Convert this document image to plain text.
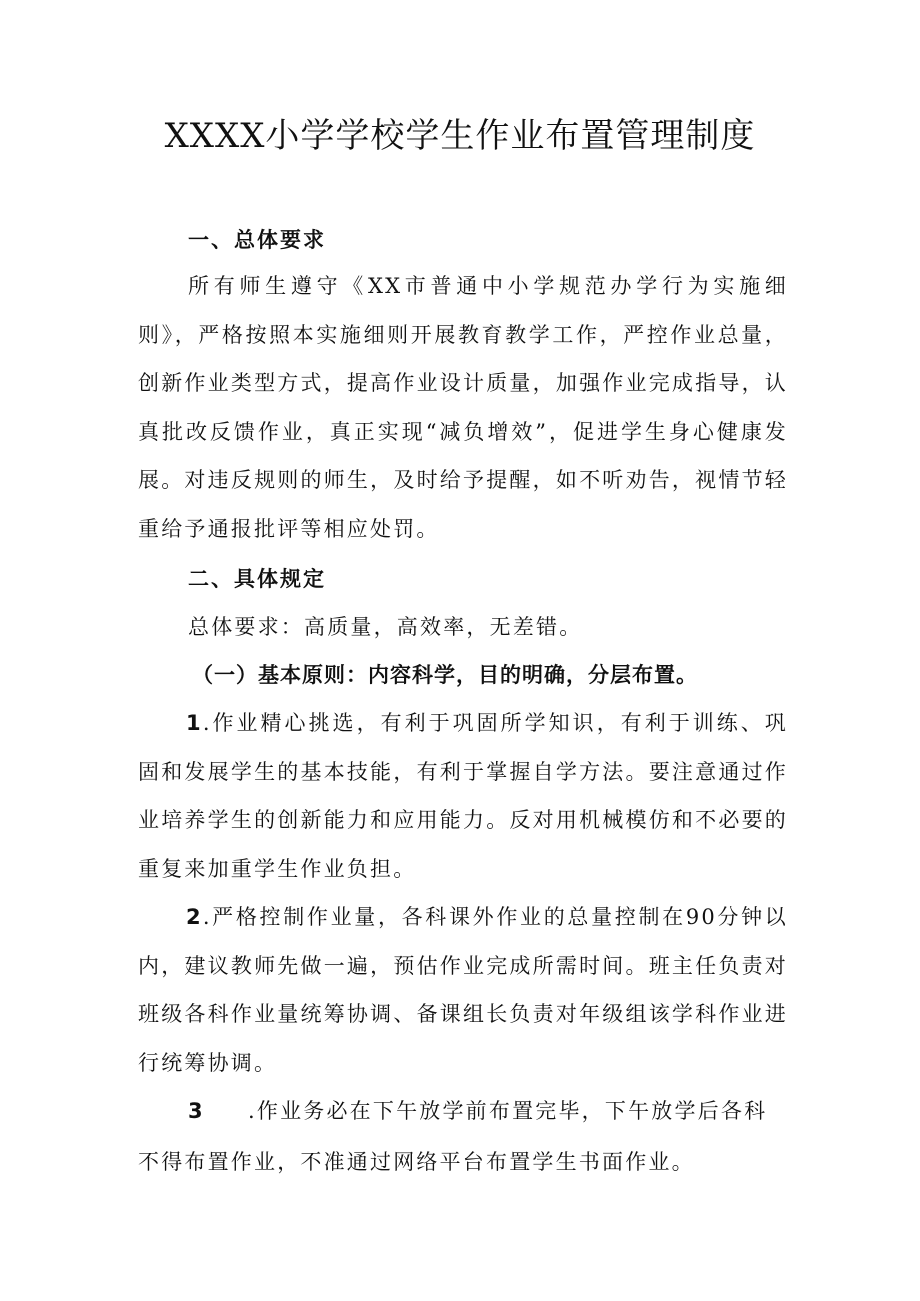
XXXX小学学校学生作业布置管理制度
一、总体要求
所有师生遵守《XX市普通中小学规范办学行为实施细则》，严格按照本实施细则开展教育教学工作，严控作业总量，创新作业类型方式，提高作业设计质量，加强作业完成指导，认真批改反馈作业，真正实现“减负增效”，促进学生身心健康发展。对违反规则的师生，及时给予提醒，如不听劝告，视情节轻重给予通报批评等相应处罚。
二、具体规定
总体要求：高质量，高效率，无差错。
（一）基本原则：内容科学，目的明确，分层布置。
1.作业精心挑选，有利于巩固所学知识，有利于训练、巩固和发展学生的基本技能，有利于掌握自学方法。要注意通过作业培养学生的创新能力和应用能力。反对用机械模仿和不必要的重复来加重学生作业负担。
2.严格控制作业量，各科课外作业的总量控制在90分钟以内，建议教师先做一遍，预估作业完成所需时间。班主任负责对班级各科作业量统筹协调、备课组长负责对年级组该学科作业进行统筹协调。
3 .作业务必在下午放学前布置完毕，下午放学后各科
不得布置作业，不准通过网络平台布置学生书面作业。
